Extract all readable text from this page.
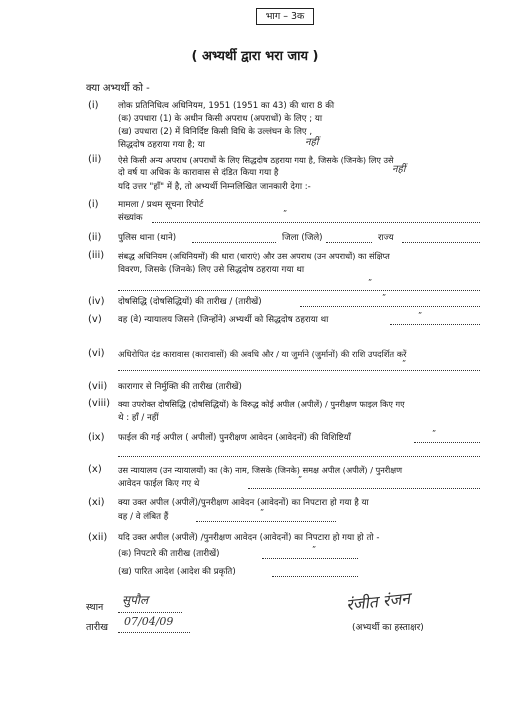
भाग – 3क
( अभ्यर्थी द्वारा भरा जाय )
क्या अभ्यर्थी को -
(i) लोक प्रतिनिधित्व अधिनियम, 1951 (1951 का 43) की धारा 8 की
(क) उपधारा (1) के अधीन किसी अपराध (अपराधों) के लिए ; या
(ख) उपधारा (2) में विनिर्दिष्ट किसी विधि के उल्लंघन के लिए ,
सिद्धदोष ठहराया गया है; या	नहीं
(ii) ऐसे किसी अन्य अपराध (अपराधों के लिए सिद्धदोष ठहराया गया है, जिसके (जिनके) लिए उसे
दो वर्ष या अधिक के कारावास से दंडित किया गया है	नहीं
यदि उत्तर "हाँ" में है, तो अभ्यर्थी निम्नलिखित जानकारी देगा :-
(i) मामला / प्रथम सूचना रिपोर्ट
संख्यांक	”
(ii) पुलिस थाना (थाने)	जिला (जिले)	राज्य
(iii) संबद्ध अधिनियम (अधिनियमों) की धारा (धाराएं) और उस अपराध (उन अपराधों) का संक्षिप्त
विवरण, जिसके (जिनके) लिए उसे सिद्धदोष ठहराया गया था
”
(iv) दोषसिद्धि (दोषसिद्धियों) की तारीख / (तारीखें)	”
(v) वह (वे) न्यायालय जिसने (जिन्होंने) अभ्यर्थी को सिद्धदोष ठहराया था	”
(vi) अधिरोपित दंड कारावास (कारावासों) की अवधि और / या जुर्माने (जुर्मानों) की राशि उपदर्शित करें
”
(vii) कारागार से निर्मुक्ति की तारीख (तारीखें)
(viii) क्या उपरोक्त दोषसिद्धि (दोषसिद्धियों) के विरुद्ध कोई अपील (अपीलें) / पुनरीक्षण फाइल किए गए
थे : हाँ / नहीं
(ix) फाईल की गई अपील ( अपीलों) पुनरीक्षण आवेदन (आवेदनों) की विशिष्टियाँ	”
(x) उस न्यायालय (उन न्यायालयों) का (के) नाम, जिसके (जिनके) समक्ष अपील (अपीलें) / पुनरीक्षण
आवेदन फाईल किए गए थे	”
(xi) क्या उक्त अपील (अपीलें)/पुनरीक्षण आवेदन (आवेदनों) का निपटारा हो गया है या
वह / वे लंबित हैं	”
(xii) यदि उक्त अपील (अपीलें) /पुनरीक्षण आवेदन (आवेदनों) का निपटारा हो गया हो तो -
(क) निपटारे की तारीख (तारीखें)	”
(ख) पारित आदेश (आदेश की प्रकृति)
स्थान
सुपौल
तारीख 07/04/09
रंजीत रंजन
(अभ्यर्थी का हस्ताक्षर)
